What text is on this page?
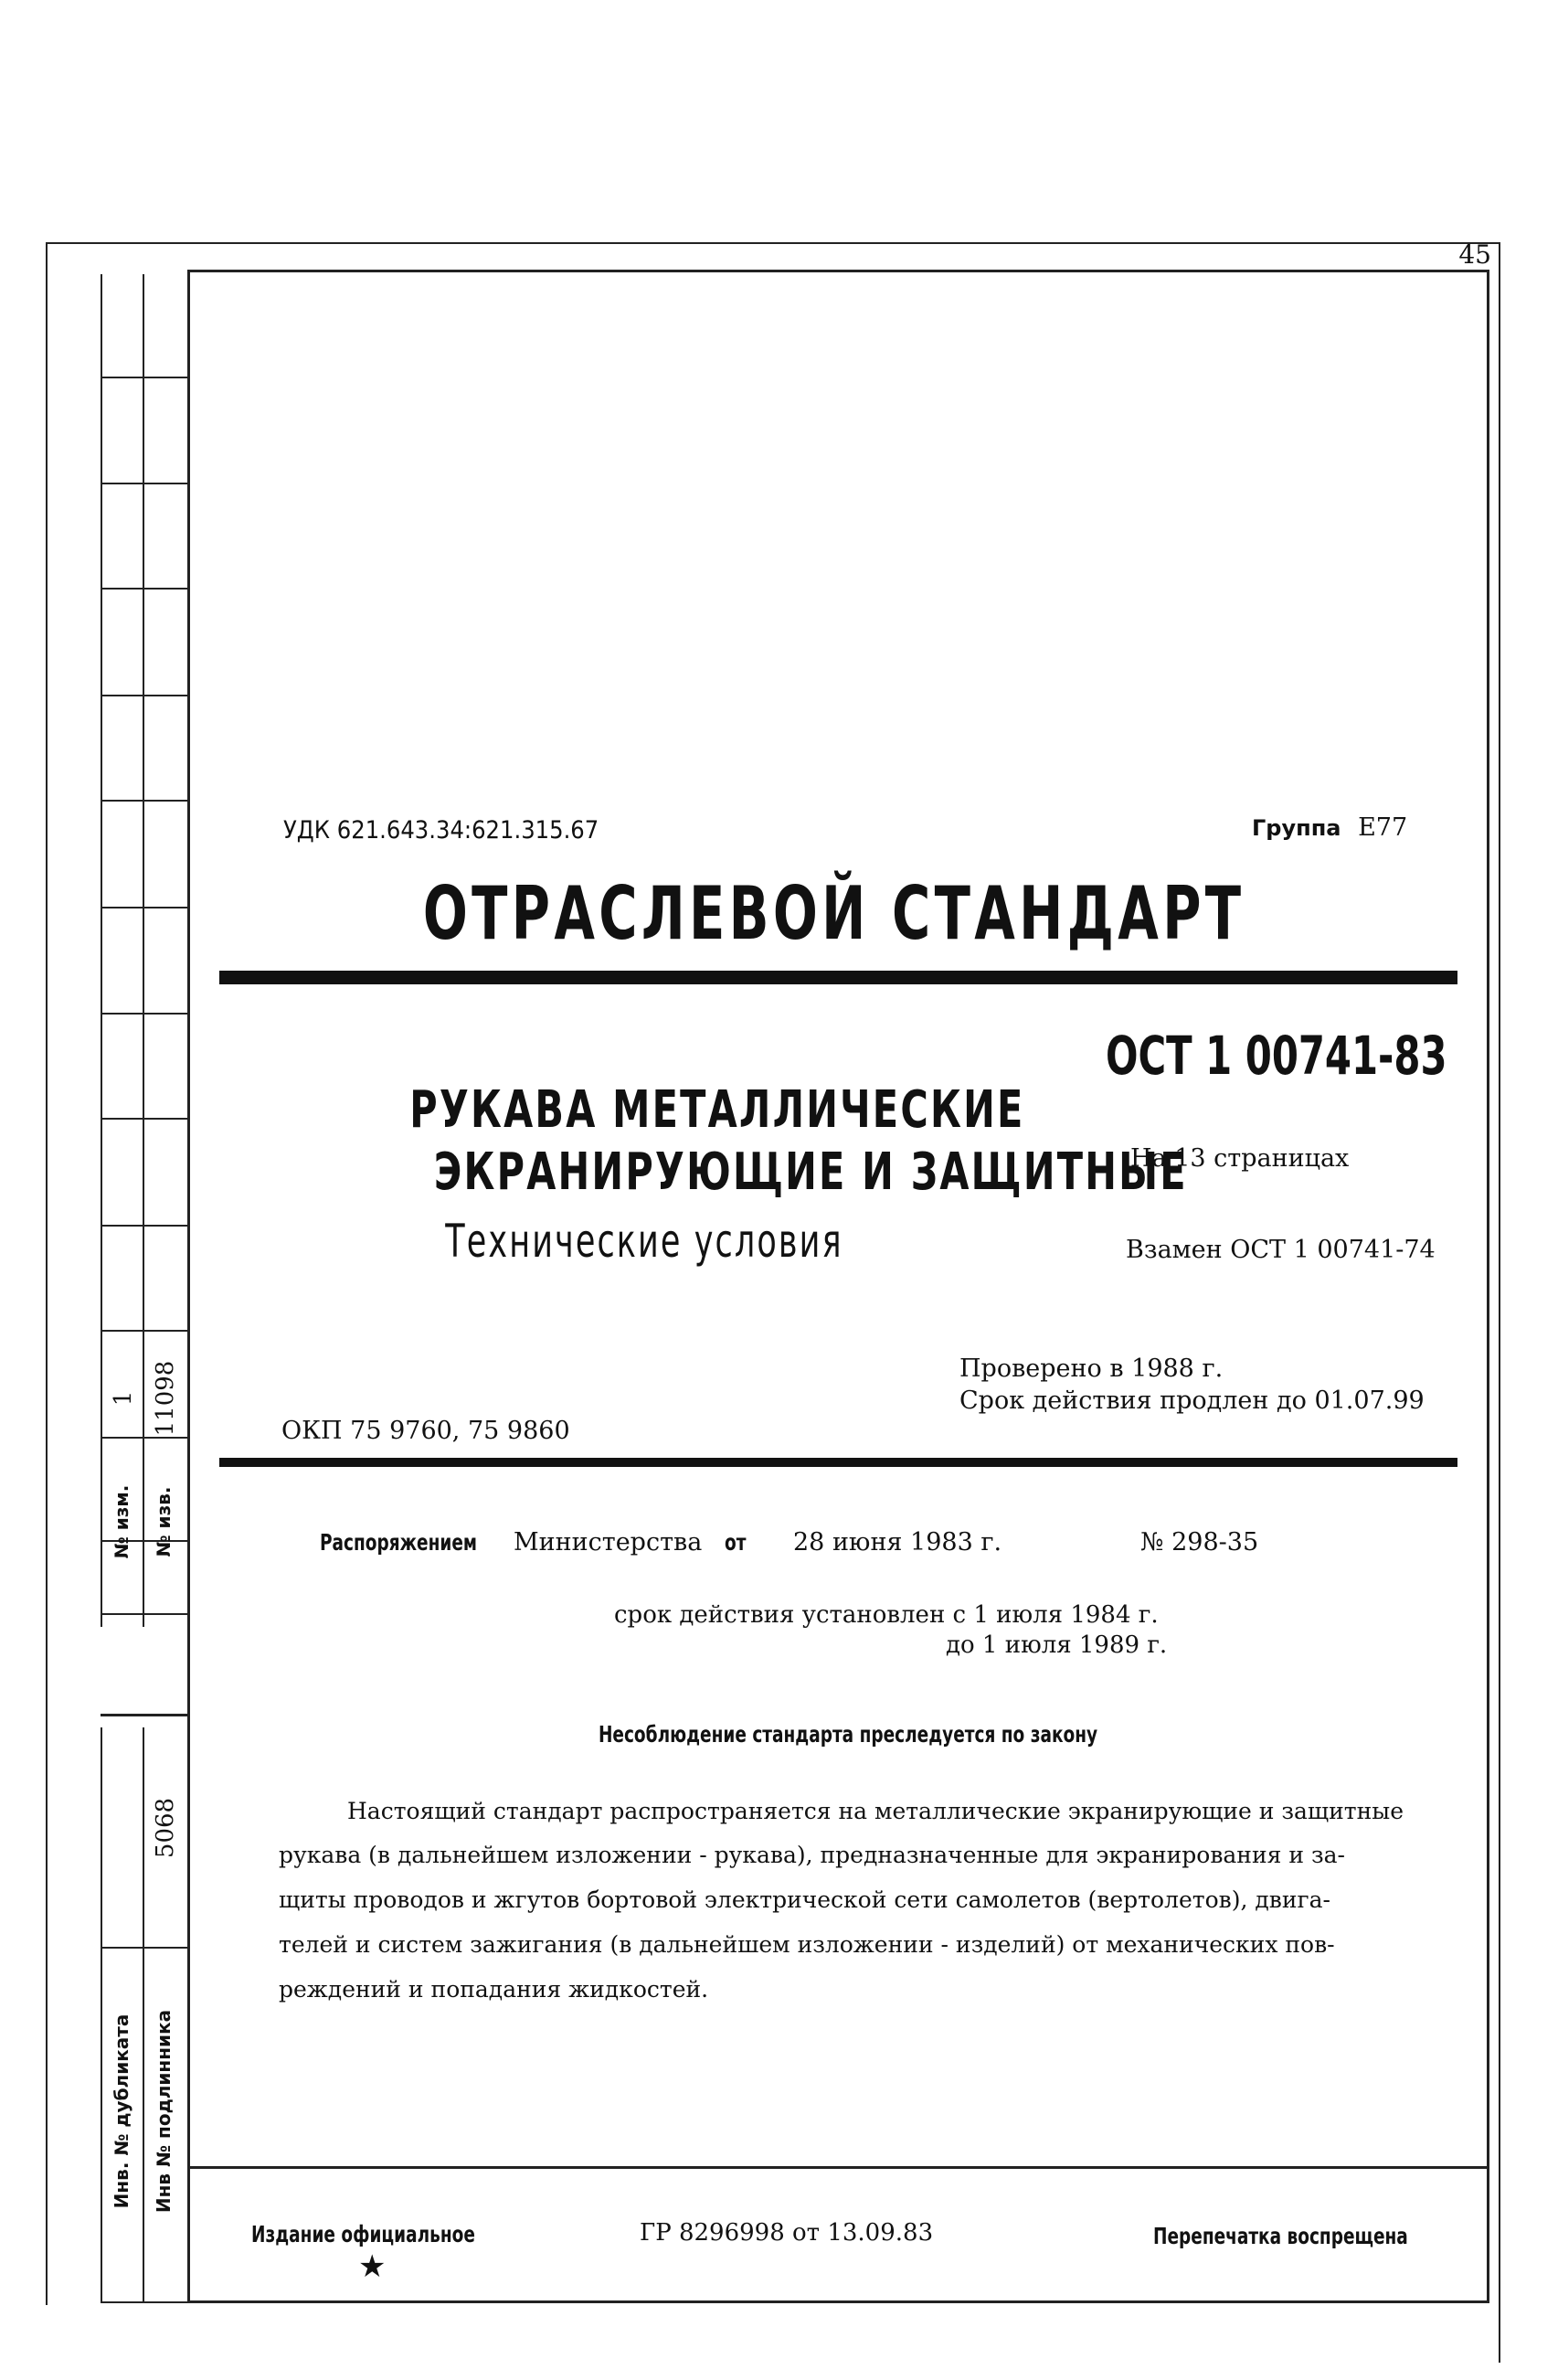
45
1 11098
№ изм. № изв.
5068
Инв. № дубликата Инв № подлинника
УДК 621.643.34:621.315.67	Группа Е77
ОТРАСЛЕВОЙ СТАНДАРТ
ОСТ 1 00741-83
РУКАВА МЕТАЛЛИЧЕСКИЕ
ЭКРАНИРУЮЩИЕ И ЗАЩИТНЫЕ
Технические условия
На 13 страницах
Взамен ОСТ 1 00741-74
Проверено в 1988 г.
Срок действия продлен до 01.07.99
ОКП 75 9760, 75 9860
Распоряжением	Министерства от	28 июня 1983 г.	№ 298-35
срок действия установлен с 1 июля 1984 г.
до 1 июля 1989 г.
Несоблюдение стандарта преследуется по закону
Настоящий стандарт распространяется на металлические экранирующие и защитные
рукава (в дальнейшем изложении - рукава), предназначенные для экранирования и за-
щиты проводов и жгутов бортовой электрической сети самолетов (вертолетов), двига-
телей и систем зажигания (в дальнейшем изложении - изделий) от механических пов-
реждений и попадания жидкостей.
Издание официальное
★
ГР 8296998 от 13.09.83	Перепечатка воспрещена
